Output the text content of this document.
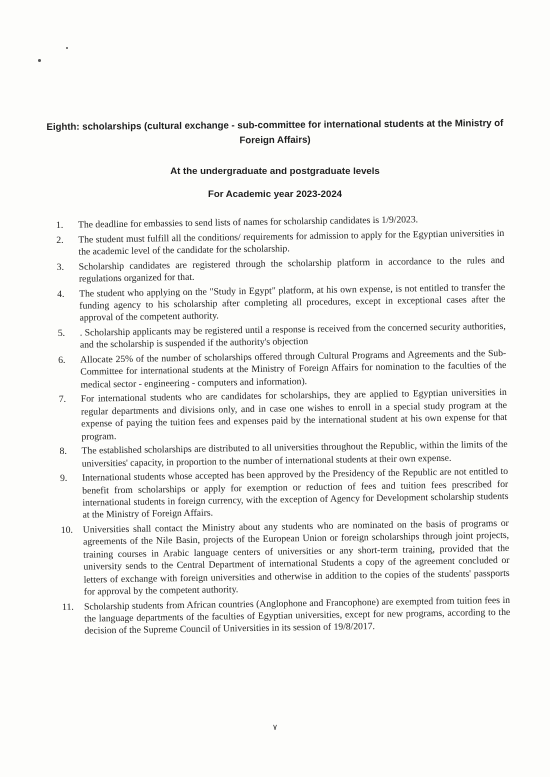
Eighth: scholarships (cultural exchange - sub-committee for international students at the Ministry of Foreign Affairs)
At the undergraduate and postgraduate levels
For Academic year 2023-2024
1. The deadline for embassies to send lists of names for scholarship candidates is 1/9/2023.
2. The student must fulfill all the conditions/ requirements for admission to apply for the Egyptian universities in the academic level of the candidate for the scholarship.
3. Scholarship candidates are registered through the scholarship platform in accordance to the rules and regulations organized for that.
4. The student who applying on the "Study in Egypt" platform, at his own expense, is not entitled to transfer the funding agency to his scholarship after completing all procedures, except in exceptional cases after the approval of the competent authority.
5. . Scholarship applicants may be registered until a response is received from the concerned security authorities, and the scholarship is suspended if the authority's objection
6. Allocate 25% of the number of scholarships offered through Cultural Programs and Agreements and the Sub-Committee for international students at the Ministry of Foreign Affairs for nomination to the faculties of the medical sector - engineering - computers and information).
7. For international students who are candidates for scholarships, they are applied to Egyptian universities in regular departments and divisions only, and in case one wishes to enroll in a special study program at the expense of paying the tuition fees and expenses paid by the international student at his own expense for that program.
8. The established scholarships are distributed to all universities throughout the Republic, within the limits of the universities' capacity, in proportion to the number of international students at their own expense.
9. International students whose accepted has been approved by the Presidency of the Republic are not entitled to benefit from scholarships or apply for exemption or reduction of fees and tuition fees prescribed for international students in foreign currency, with the exception of Agency for Development scholarship students at the Ministry of Foreign Affairs.
10. Universities shall contact the Ministry about any students who are nominated on the basis of programs or agreements of the Nile Basin, projects of the European Union or foreign scholarships through joint projects, training courses in Arabic language centers of universities or any short-term training, provided that the university sends to the Central Department of international Students a copy of the agreement concluded or letters of exchange with foreign universities and otherwise in addition to the copies of the students' passports for approval by the competent authority.
11. Scholarship students from African countries (Anglophone and Francophone) are exempted from tuition fees in the language departments of the faculties of Egyptian universities, except for new programs, according to the decision of the Supreme Council of Universities in its session of 19/8/2017.
٧
